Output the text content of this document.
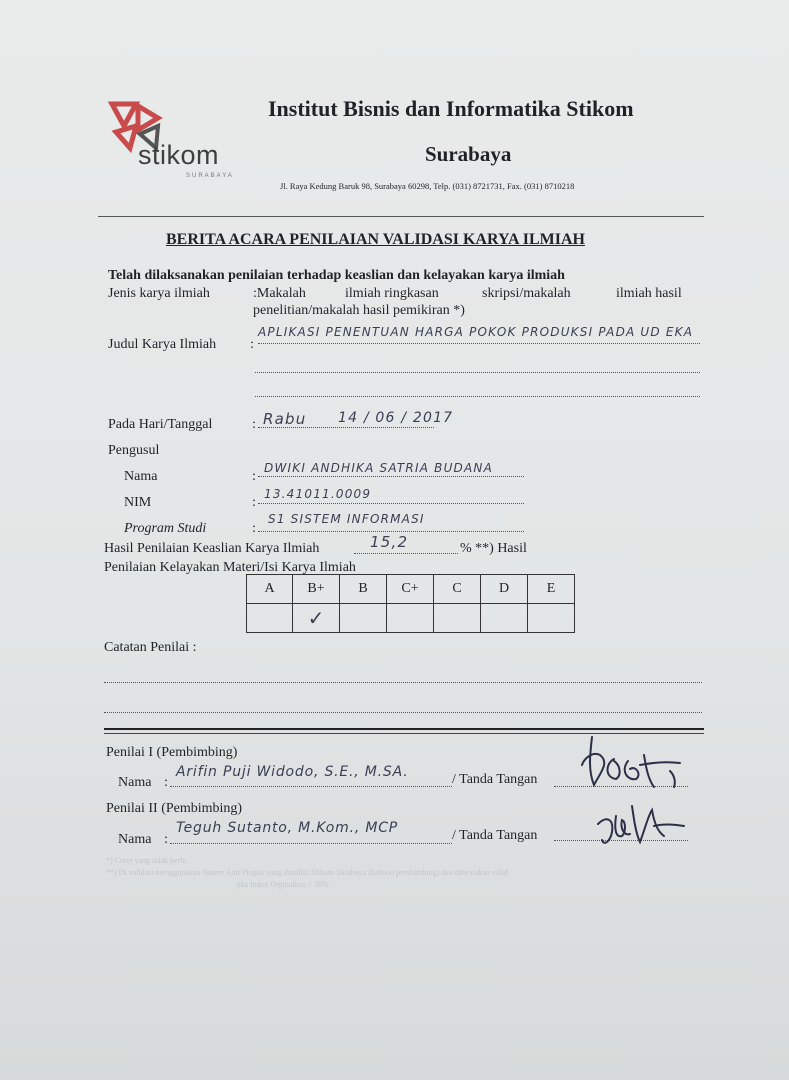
stikom
SURABAYA
Institut Bisnis dan Informatika Stikom
Surabaya
Jl. Raya Kedung Baruk 98, Surabaya 60298, Telp. (031) 8721731, Fax. (031) 8710218
BERITA ACARA PENILAIAN VALIDASI KARYA ILMIAH
Telah dilaksanakan penilaian terhadap keaslian dan kelayakan karya ilmiah
Jenis karya ilmiah	:Makalah	ilmiah ringkasan	skripsi/makalah	ilmiah hasil
penelitian/makalah hasil pemikiran *)
Judul Karya Ilmiah :
APLIKASI PENENTUAN HARGA POKOK PRODUKSI PADA UD EKA
Pada Hari/Tanggal	: Rabu 14 / 06 / 2017
Pengusul
Nama	:
DWIKI ANDHIKA SATRIA BUDANA
NIM	:
13.41011.0009
Program Studi	:
S1 SISTEM INFORMASI
Hasil Penilaian Keaslian Karya Ilmiah	15,2	% **) Hasil
Penilaian Kelayakan Materi/Isi Karya Ilmiah
A	B+	B	C+	C	D	E
	✓					
Catatan Penilai :
Penilai I (Pembimbing)
Nama :
Arifin Puji Widodo, S.E., M.SA.	/ Tanda Tangan
Penilai II (Pembimbing)
Nama :
Teguh Sutanto, M.Kom., MCP	/ Tanda Tangan
*) Coret yang tidak perlu
**) Di validasi menggunakan Sistem Anti Plagiat yang dimiliki Stikom Surabaya (bahwa) pembimbing) dan dinyatakan valid
jika Index Orginalitas < 30%
